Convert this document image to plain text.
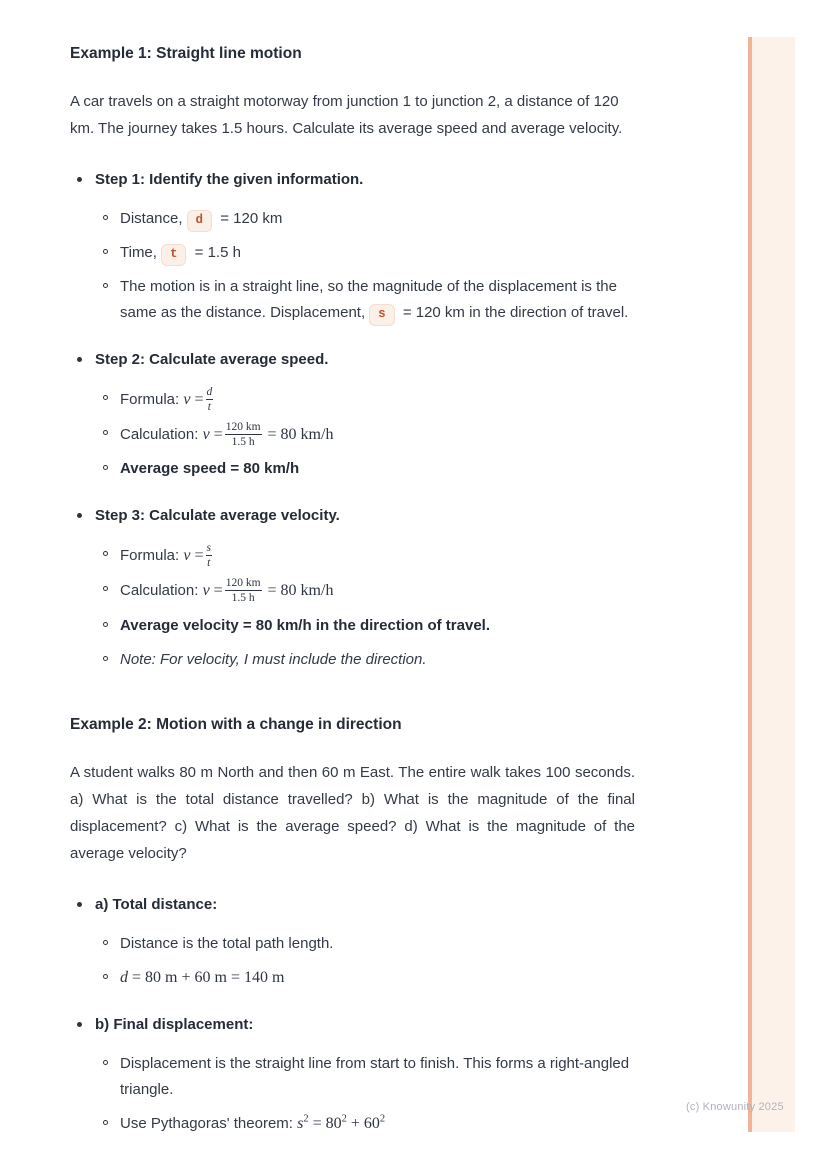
(c) Knowunity 2025
Example 1: Straight line motion

A car travels on a straight motorway from junction 1 to junction 2, a distance of 120 km. The journey takes 1.5 hours. Calculate its average speed and average velocity.

Step 1: Identify the given information.
Distance, d = 120 km
Time, t = 1.5 h
The motion is in a straight line, so the magnitude of the displacement is the same as the distance. Displacement, s = 120 km in the direction of travel.
Step 2: Calculate average speed.
Formula: $v = \frac{d}{t}$
Calculation: $v = \frac{120 km}{1.5 h} = 80$ km/h
Average speed = 80 km/h
Step 3: Calculate average velocity.
Formula: $v = \frac{s}{t}$
Calculation: $v = \frac{120 km}{1.5 h} = 80$ km/h
Average velocity = 80 km/h in the direction of travel.
Note: For velocity, I must include the direction.
Example 2: Motion with a change in direction

A student walks 80 m North and then 60 m East. The entire walk takes 100 seconds. a) What is the total distance travelled? b) What is the magnitude of the final displacement? c) What is the average speed? d) What is the magnitude of the average velocity?

a) Total distance:
Distance is the total path length.
d = 80 m + 60 m = 140 m
b) Final displacement:
Displacement is the straight line from start to finish. This forms a right-angled triangle.
Use Pythagoras' theorem: $s^2 = 80^2 + 60^2$
